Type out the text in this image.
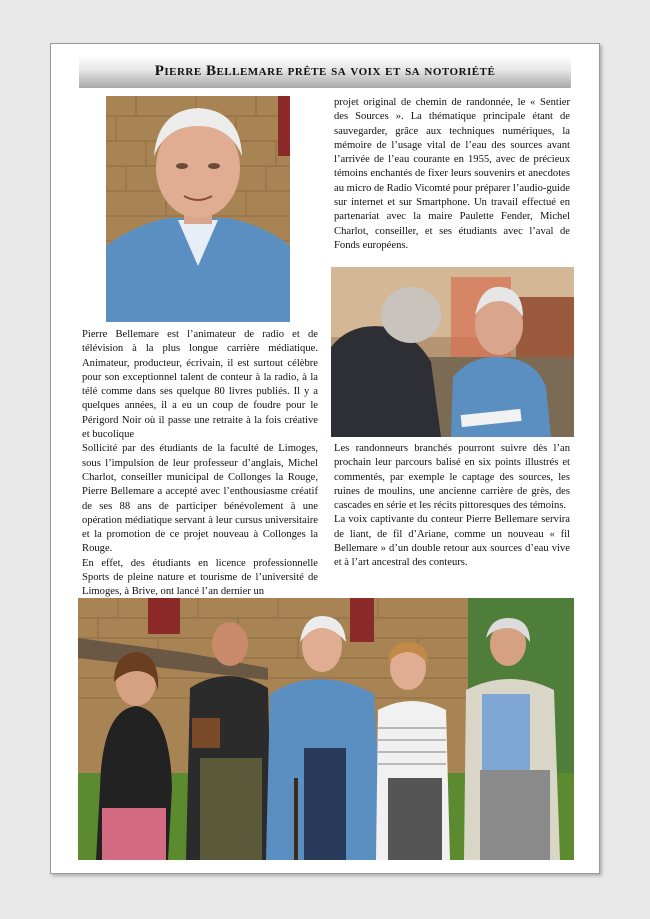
Pierre Bellemare prête sa voix et sa notoriété

Pierre Bellemare est l’animateur de radio et de télévision à la plus longue carrière médiatique. Animateur, producteur, écrivain, il est surtout célèbre pour son exceptionnel talent de conteur à la radio, à la télé comme dans ses quelque 80 livres publiés. Il y a quelques années, il a eu un coup de foudre pour le Périgord Noir où il passe une retraite à la fois créative et bucolique

Sollicité par des étudiants de la faculté de Limoges, sous l’impulsion de leur professeur d’anglais, Michel Charlot, conseiller municipal de Collonges la Rouge, Pierre Bellemare a accepté avec l’enthousiasme créatif de ses 88 ans de participer bénévolement à une opération médiatique servant à leur cursus universitaire et la promotion de ce projet nouveau à Collonges la Rouge.

En effet, des étudiants en licence professionnelle Sports de pleine nature et tourisme de l’université de Limoges, à Brive, ont lancé l’an dernier un

projet original de chemin de randonnée, le « Sentier des Sources ». La thématique principale étant de sauvegarder, grâce aux techniques numériques, la mémoire de l’usage vital de l’eau des sources avant l’arrivée de l’eau courante en 1955, avec de précieux témoins enchantés de fixer leurs souvenirs et anecdotes au micro de Radio Vicomté pour préparer l’audio-guide sur internet et sur Smartphone. Un travail effectué en partenariat avec la maire Paulette Fender, Michel Charlot, conseiller, et ses étudiants avec l’aval de Fonds européens.

Les randonneurs branchés pourront suivre dès l’an prochain leur parcours balisé en six points illustrés et commentés, par exemple le captage des sources, les ruines de moulins, une ancienne carrière de grès, des cascades en série et les récits pittoresques des témoins.

La voix captivante du conteur Pierre Bellemare servira de liant, de fil d’Ariane, comme un nouveau « fil Bellemare » d’un double retour aux sources d’eau vive et à l’art ancestral des conteurs.
